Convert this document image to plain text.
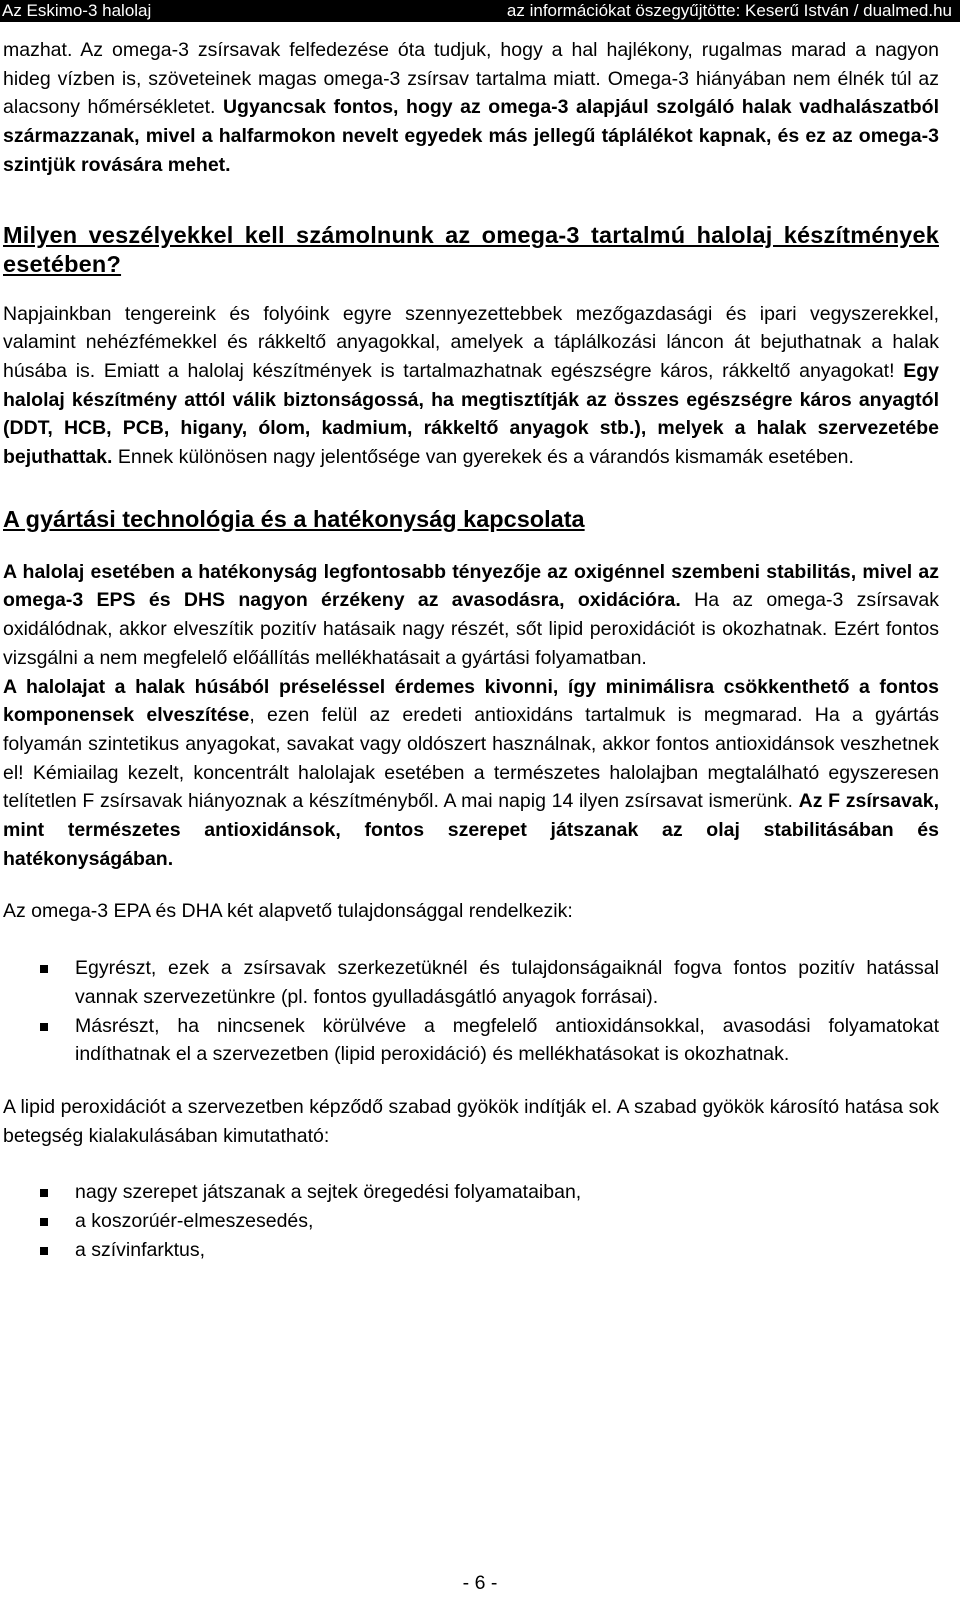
Az Eskimo-3 halolaj	az információkat öszegyűjtötte: Keserű István / dualmed.hu

mazhat. Az omega-3 zsírsavak felfedezése óta tudjuk, hogy a hal hajlékony, rugalmas marad a nagyon hideg vízben is, szöveteinek magas omega-3 zsírsav tartalma miatt. Omega-3 hiányában nem élnék túl az alacsony hőmérsékletet. Ugyancsak fontos, hogy az omega-3 alapjául szolgáló halak vadhalászatból származzanak, mivel a halfarmokon nevelt egyedek más jellegű táplálékot kapnak, és ez az omega-3 szintjük rovására mehet.

Milyen veszélyekkel kell számolnunk az omega-3 tartalmú halolaj készítmények esetében?

Napjainkban tengereink és folyóink egyre szennyezettebbek mezőgazdasági és ipari vegyszerekkel, valamint nehézfémekkel és rákkeltő anyagokkal, amelyek a táplálkozási láncon át bejuthatnak a halak húsába is. Emiatt a halolaj készítmények is tartalmazhatnak egészségre káros, rákkeltő anyagokat! Egy halolaj készítmény attól válik biztonságossá, ha megtisztítják az összes egészségre káros anyagtól (DDT, HCB, PCB, higany, ólom, kadmium, rákkeltő anyagok stb.), melyek a halak szervezetébe bejuthattak. Ennek különösen nagy jelentősége van gyerekek és a várandós kismamák esetében.

A gyártási technológia és a hatékonyság kapcsolata

A halolaj esetében a hatékonyság legfontosabb tényezője az oxigénnel szembeni stabilitás, mivel az omega-3 EPS és DHS nagyon érzékeny az avasodásra, oxidációra. Ha az omega-3 zsírsavak oxidálódnak, akkor elveszítik pozitív hatásaik nagy részét, sőt lipid peroxidációt is okozhatnak. Ezért fontos vizsgálni a nem megfelelő előállítás mellékhatásait a gyártási folyamatban.

A halolajat a halak húsából préseléssel érdemes kivonni, így minimálisra csökkenthető a fontos komponensek elveszítése, ezen felül az eredeti antioxidáns tartalmuk is megmarad. Ha a gyártás folyamán szintetikus anyagokat, savakat vagy oldószert használnak, akkor fontos antioxidánsok veszhetnek el! Kémiailag kezelt, koncentrált halolajak esetében a természetes halolajban megtalálható egyszeresen telítetlen F zsírsavak hiányoznak a készítményből. A mai napig 14 ilyen zsírsavat ismerünk. Az F zsírsavak, mint természetes antioxidánsok, fontos szerepet játszanak az olaj stabilitásában és hatékonyságában.

Az omega-3 EPA és DHA két alapvető tulajdonsággal rendelkezik:

Egyrészt, ezek a zsírsavak szerkezetüknél és tulajdonságaiknál fogva fontos pozitív hatással vannak szervezetünkre (pl. fontos gyulladásgátló anyagok forrásai).
Másrészt, ha nincsenek körülvéve a megfelelő antioxidánsokkal, avasodási folyamatokat indíthatnak el a szervezetben (lipid peroxidáció) és mellékhatásokat is okozhatnak.

A lipid peroxidációt a szervezetben képződő szabad gyökök indítják el. A szabad gyökök károsító hatása sok betegség kialakulásában kimutatható:

nagy szerepet játszanak a sejtek öregedési folyamataiban,
a koszorúér-elmeszesedés,
a szívinfarktus,
- 6 -
